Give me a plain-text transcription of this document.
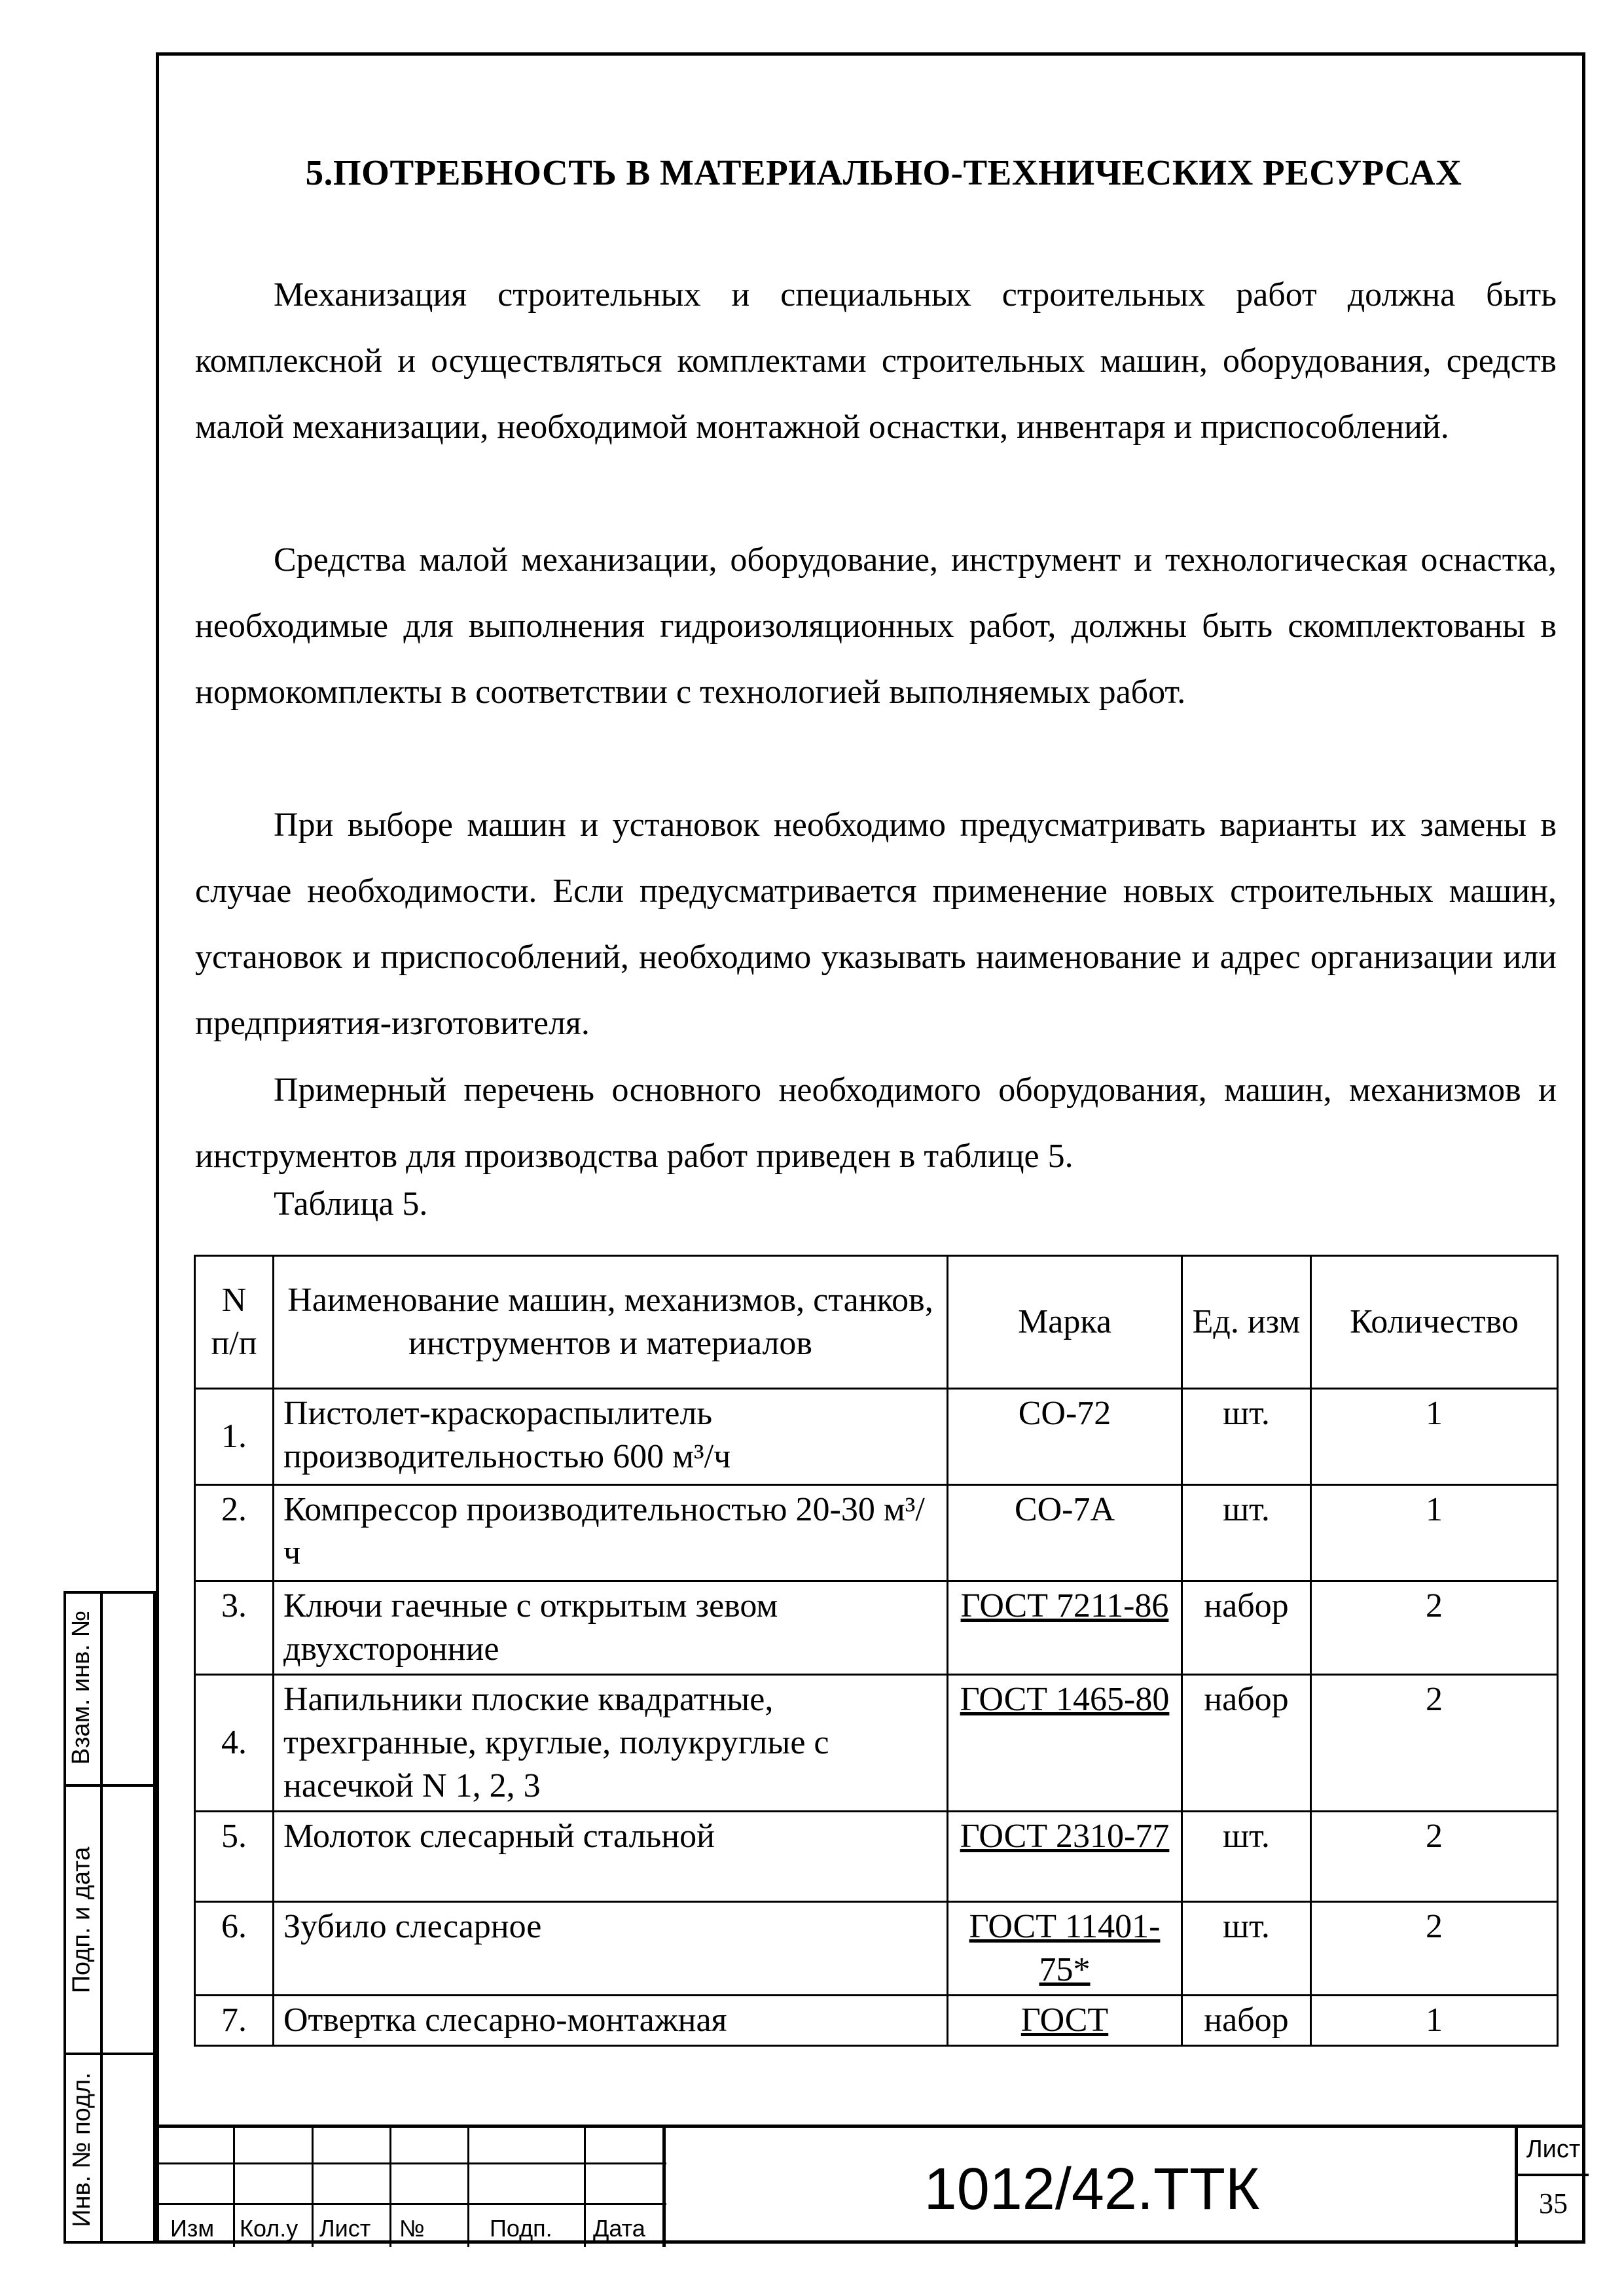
5.ПОТРЕБНОСТЬ В МАТЕРИАЛЬНО-ТЕХНИЧЕСКИХ РЕСУРСАХ

Механизация строительных и специальных строительных работ должна быть комплексной и осуществляться комплектами строительных машин, оборудования, средств малой механизации, необходимой монтажной оснастки, инвентаря и приспособлений.

Средства малой механизации, оборудование, инструмент и технологическая оснастка, необходимые для выполнения гидроизоляционных работ, должны быть скомплектованы в нормокомплекты в соответствии с технологией выполняемых работ.

При выборе машин и установок необходимо предусматривать варианты их замены в случае необходимости. Если предусматривается применение новых строительных машин, установок и приспособлений, необходимо указывать наименование и адрес организации или предприятия-изготовителя.

Примерный перечень основного необходимого оборудования, машин, механизмов и инструментов для производства работ приведен в таблице 5.

Таблица 5.
N п/п	Наименование машин, механизмов, станков, инструментов и материалов	Марка	Ед. изм	Количество
1.	Пистолет-краскораспылитель производительностью 600 м³/ч	СО-72	шт.	1
2.	Компрессор производительностью 20-30 м³/ч	СО-7А	шт.	1
3.	Ключи гаечные с открытым зевом двухсторонние	ГОСТ 7211-86	набор	2
4.	Напильники плоские квадратные, трехгранные, круглые, полукруглые с насечкой N 1, 2, 3	ГОСТ 1465-80	набор	2
5.	Молоток слесарный стальной	ГОСТ 2310-77	шт.	2
6.	Зубило слесарное	ГОСТ 11401-75*	шт.	2
7.	Отвертка слесарно-монтажная	ГОСТ	набор	1
Взам. инв. №
Подп. и дата
Инв. № подл.
Изм Кол.у Лист №	Подп. Дата
1012/42.ТТК
Лист
35
